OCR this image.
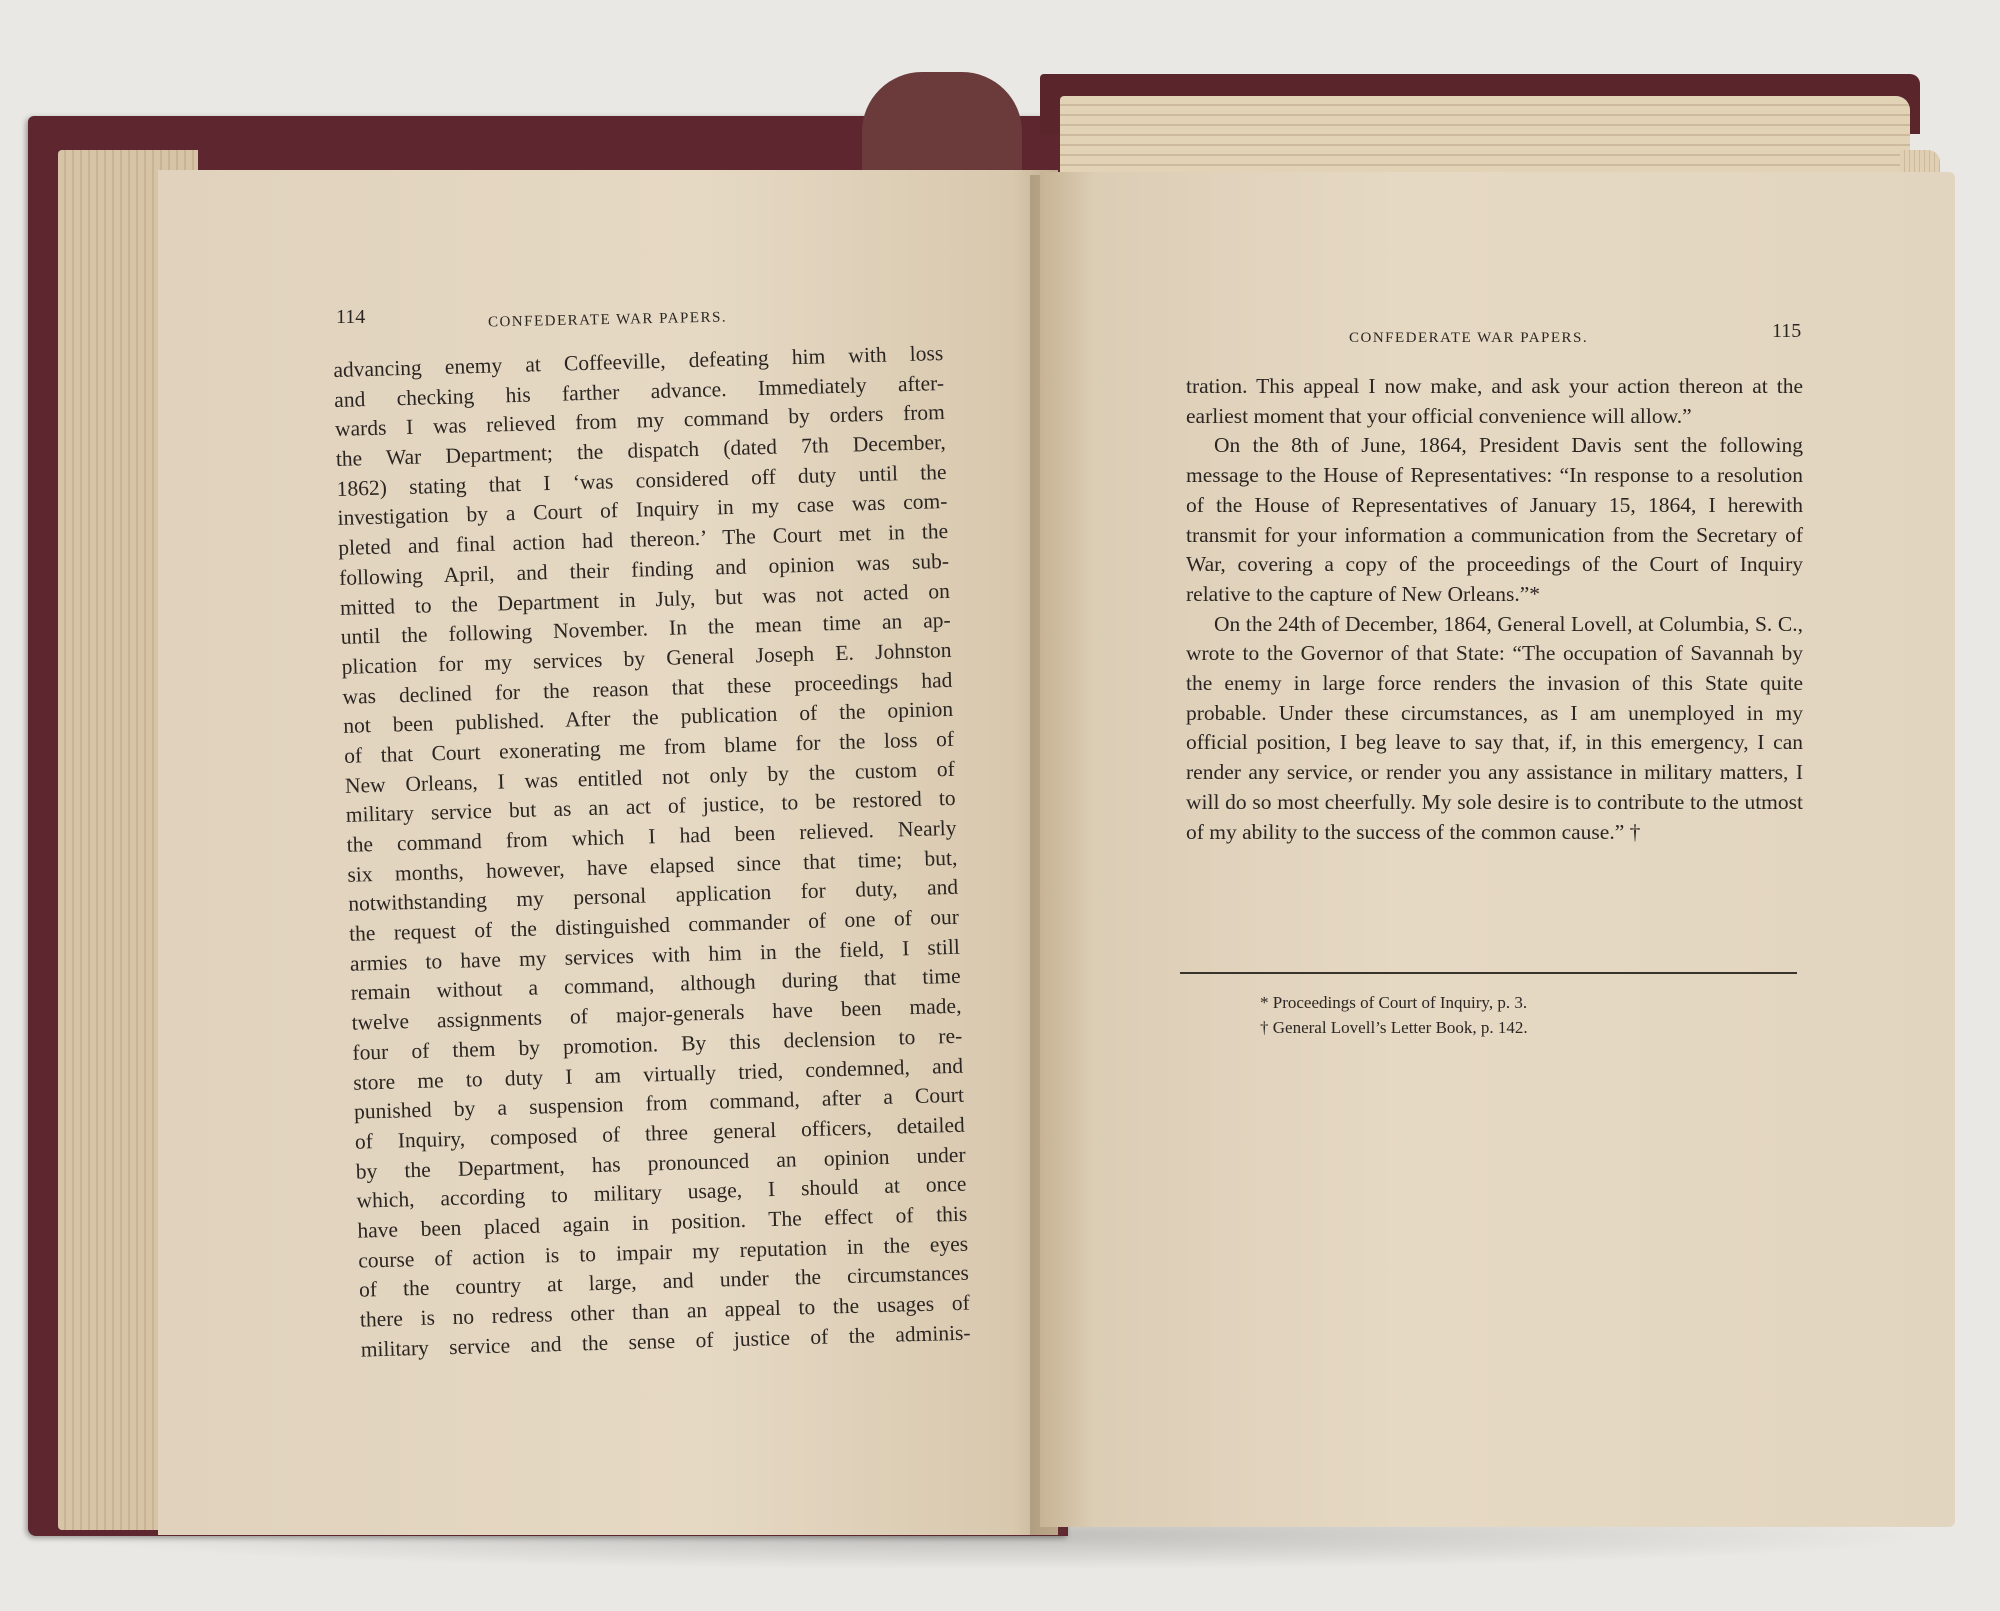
114	CONFEDERATE WAR PAPERS.
advancing enemy at Coffeeville, defeating him with loss
and checking his farther advance. Immediately after-
wards I was relieved from my command by orders from
the War Department; the dispatch (dated 7th December,
1862) stating that I ‘was considered off duty until the
investigation by a Court of Inquiry in my case was com-
pleted and final action had thereon.’ The Court met in the
following April, and their finding and opinion was sub-
mitted to the Department in July, but was not acted on
until the following November. In the mean time an ap-
plication for my services by General Joseph E. Johnston
was declined for the reason that these proceedings had
not been published. After the publication of the opinion
of that Court exonerating me from blame for the loss of
New Orleans, I was entitled not only by the custom of
military service but as an act of justice, to be restored to
the command from which I had been relieved. Nearly
six months, however, have elapsed since that time; but,
notwithstanding my personal application for duty, and
the request of the distinguished commander of one of our
armies to have my services with him in the field, I still
remain without a command, although during that time
twelve assignments of major-generals have been made,
four of them by promotion. By this declension to re-
store me to duty I am virtually tried, condemned, and
punished by a suspension from command, after a Court
of Inquiry, composed of three general officers, detailed
by the Department, has pronounced an opinion under
which, according to military usage, I should at once
have been placed again in position. The effect of this
course of action is to impair my reputation in the eyes
of the country at large, and under the circumstances
there is no redress other than an appeal to the usages of
military service and the sense of justice of the adminis-
CONFEDERATE WAR PAPERS.	115

tration. This appeal I now make, and ask your action thereon at the earliest moment that your official convenience will allow.”

On the 8th of June, 1864, President Davis sent the following message to the House of Representatives: “In response to a resolution of the House of Representatives of January 15, 1864, I herewith transmit for your information a communication from the Secretary of War, covering a copy of the proceedings of the Court of Inquiry relative to the capture of New Orleans.”*

On the 24th of December, 1864, General Lovell, at Columbia, S. C., wrote to the Governor of that State: “The occupation of Savannah by the enemy in large force renders the invasion of this State quite probable. Under these circumstances, as I am unemployed in my official position, I beg leave to say that, if, in this emergency, I can render any service, or render you any assistance in military matters, I will do so most cheerfully. My sole desire is to contribute to the utmost of my ability to the success of the common cause.” †

* Proceedings of Court of Inquiry, p. 3.
† General Lovell’s Letter Book, p. 142.
